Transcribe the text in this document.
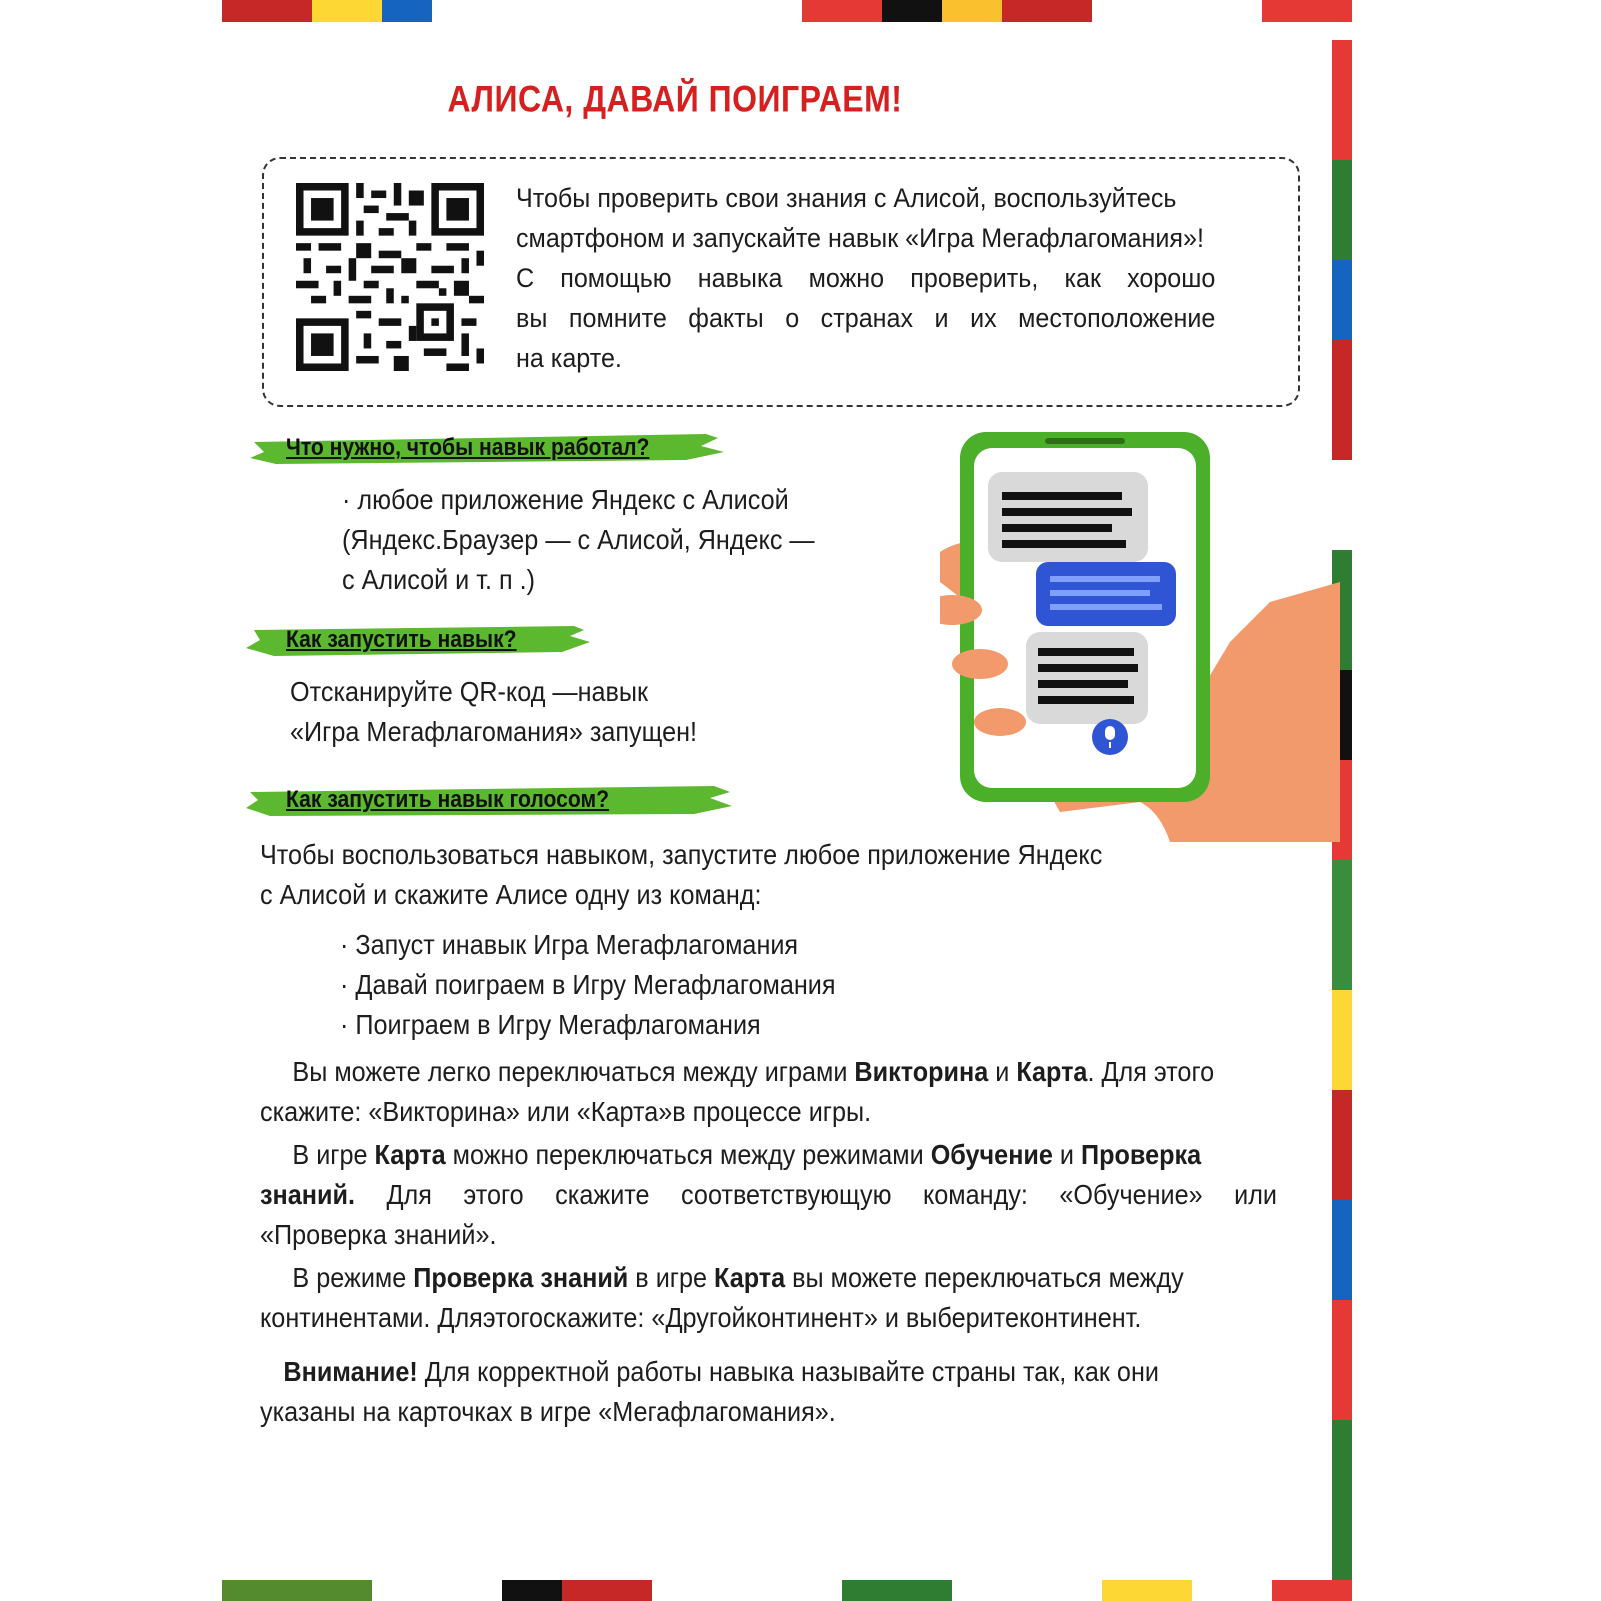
АЛИСА, ДАВАЙ ПОИГРАЕМ!
Чтобы проверить свои знания с Алисой, воспользуйтесь
смартфоном и запускайте навык «Игра Мегафлагомания»!
С помощью навыка можно проверить, как хорошо
вы помните факты о странах и их местоположение
на карте.
Что нужно, чтобы навык работал?
· любое приложение Яндекс с Алисой
(Яндекс.Браузер — с Алисой, Яндекс —
с Алисой и т. п .)
Как запустить навык?
Отсканируйте QR-код —навык
«Игра Мегафлагомания» запущен!
Как запустить навык голосом?
Чтобы воспользоваться навыком, запустите любое приложение Яндекс
с Алисой и скажите Алисе одну из команд:
· Запуст инавык Игра Мегафлагомания
· Давай поиграем в Игру Мегафлагомания
· Поиграем в Игру Мегафлагомания
Вы можете легко переключаться между играми Викторина и Карта. Для этого
скажите: «Викторина» или «Карта»в процессе игры.
В игре Карта можно переключаться между режимами Обучение и Проверка
знаний. Для этого скажите соответствующую команду: «Обучение» или
«Проверка знаний».
В режиме Проверка знаний в игре Карта вы можете переключаться между
континентами. Дляэтогоскажите: «Другойконтинент» и выберитеконтинент.
Внимание! Для корректной работы навыка называйте страны так, как они
указаны на карточках в игре «Мегафлагомания».
